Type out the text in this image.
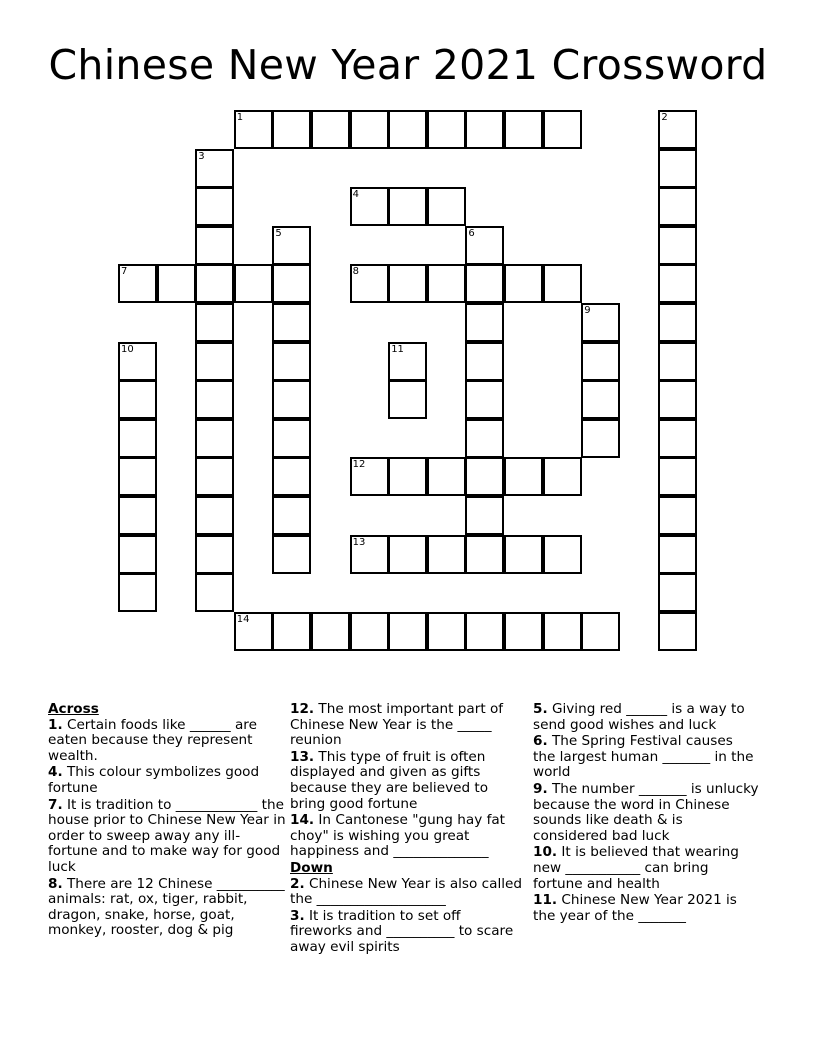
Chinese New Year 2021 Crossword
1	2
3
4
5	6
7	8
9
10	11
12
13
14
Across
1. Certain foods like ______ are eaten because they represent wealth.
4. This colour symbolizes good fortune
7. It is tradition to ____________ the house prior to Chinese New Year in order to sweep away any ill-fortune and to make way for good luck
8. There are 12 Chinese __________ animals: rat, ox, tiger, rabbit, dragon, snake, horse, goat, monkey, rooster, dog & pig
12. The most important part of Chinese New Year is the _____ reunion
13. This type of fruit is often displayed and given as gifts because they are believed to bring good fortune
14. In Cantonese "gung hay fat choy" is wishing you great happiness and ______________
Down
2. Chinese New Year is also called the ___________________
3. It is tradition to set off fireworks and __________ to scare away evil spirits
5. Giving red ______ is a way to send good wishes and luck
6. The Spring Festival causes the largest human _______ in the world
9. The number _______ is unlucky because the word in Chinese sounds like death & is considered bad luck
10. It is believed that wearing new ___________ can bring fortune and health
11. Chinese New Year 2021 is the year of the _______
